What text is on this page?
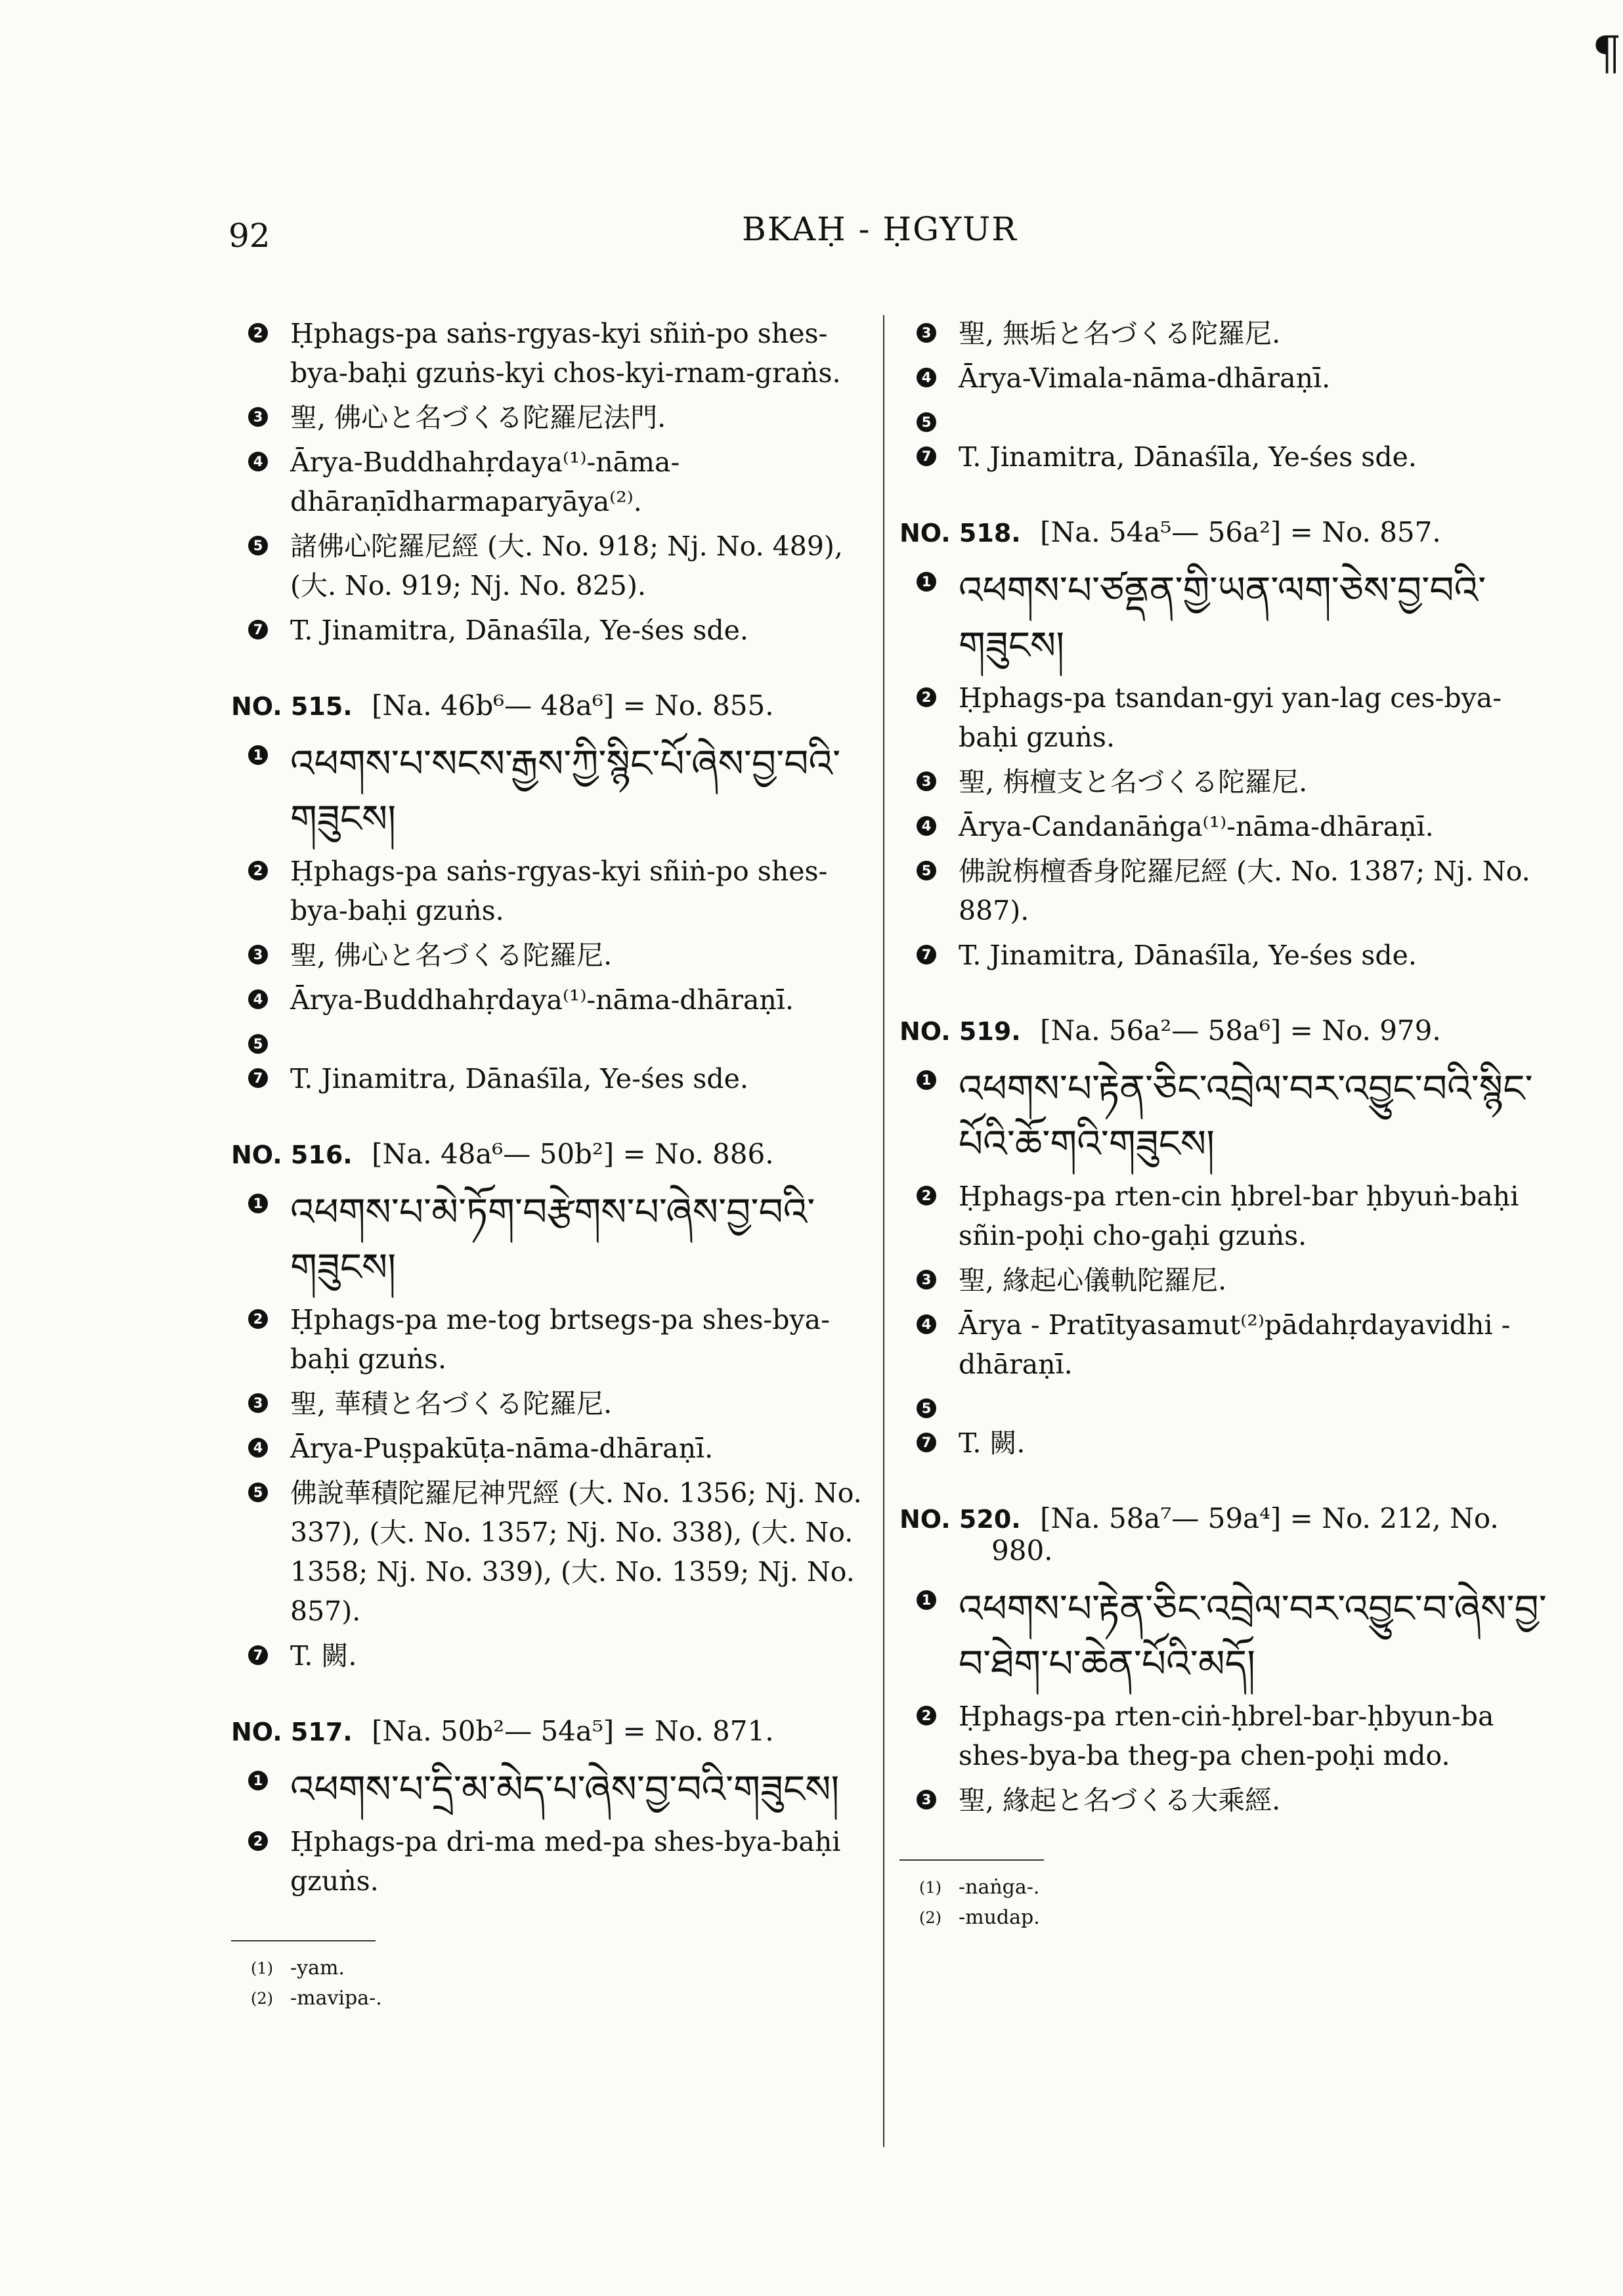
92	BKAḤ - ḤGYUR
¶
2 Ḥphags-pa saṅs-rgyas-kyi sñiṅ-po shes-bya-baḥi gzuṅs-kyi chos-kyi-rnam-graṅs.
3 聖, 佛心と名づくる陀羅尼法門.
4 Ārya-Buddhahṛdaya⁽¹⁾-nāma-dhāraṇīdharmaparyāya⁽²⁾.
5 諸佛心陀羅尼經 (大. No. 918; Nj. No. 489), (大. No. 919; Nj. No. 825).
7 T. Jinamitra, Dānaśīla, Ye-śes sde.
NO. 515. [Na. 46b⁶— 48a⁶] = No. 855.
1 འཕགས་པ་སངས་རྒྱས་ཀྱི་སྙིང་པོ་ཞེས་བྱ་བའི་གཟུངས།
2 Ḥphags-pa saṅs-rgyas-kyi sñiṅ-po shes-bya-baḥi gzuṅs.
3 聖, 佛心と名づくる陀羅尼.
4 Ārya-Buddhahṛdaya⁽¹⁾-nāma-dhāraṇī.
5
7 T. Jinamitra, Dānaśīla, Ye-śes sde.
NO. 516. [Na. 48a⁶— 50b²] = No. 886.
1 འཕགས་པ་མེ་ཏོག་བརྩེགས་པ་ཞེས་བྱ་བའི་གཟུངས།
2 Ḥphags-pa me-tog brtsegs-pa shes-bya-baḥi gzuṅs.
3 聖, 華積と名づくる陀羅尼.
4 Ārya-Puṣpakūṭa-nāma-dhāraṇī.
5 佛說華積陀羅尼神咒經 (大. No. 1356; Nj. No. 337), (大. No. 1357; Nj. No. 338), (大. No. 1358; Nj. No. 339), (大. No. 1359; Nj. No. 857).
7 T. 闕.
NO. 517. [Na. 50b²— 54a⁵] = No. 871.
1 འཕགས་པ་དྲི་མ་མེད་པ་ཞེས་བྱ་བའི་གཟུངས།
2 Ḥphags-pa dri-ma med-pa shes-bya-baḥi gzuṅs.
(1) -yam.
(2) -mavipa-.
3 聖, 無垢と名づくる陀羅尼.
4 Ārya-Vimala-nāma-dhāraṇī.
5
7 T. Jinamitra, Dānaśīla, Ye-śes sde.
NO. 518. [Na. 54a⁵— 56a²] = No. 857.
1 འཕགས་པ་ཙནྡན་གྱི་ཡན་ལག་ཅེས་བྱ་བའི་གཟུངས།
2 Ḥphags-pa tsandan-gyi yan-lag ces-bya-baḥi gzuṅs.
3 聖, 栴檀支と名づくる陀羅尼.
4 Ārya-Candanāṅga⁽¹⁾-nāma-dhāraṇī.
5 佛說栴檀香身陀羅尼經 (大. No. 1387; Nj. No. 887).
7 T. Jinamitra, Dānaśīla, Ye-śes sde.
NO. 519. [Na. 56a²— 58a⁶] = No. 979.
1 འཕགས་པ་རྟེན་ཅིང་འབྲེལ་བར་འབྱུང་བའི་སྙིང་པོའི་ཆོ་གའི་གཟུངས།
2 Ḥphags-pa rten-cin ḥbrel-bar ḥbyuṅ-baḥi sñin-poḥi cho-gaḥi gzuṅs.
3 聖, 緣起心儀軌陀羅尼.
4 Ārya - Pratītyasamut⁽²⁾pādahṛdayavidhi - dhāraṇī.
5
7 T. 闕.
NO. 520. [Na. 58a⁷— 59a⁴] = No. 212, No.
980.
1 འཕགས་པ་རྟེན་ཅིང་འབྲེལ་བར་འབྱུང་བ་ཞེས་བྱ་བ་ཐེག་པ་ཆེན་པོའི་མདོ།
2 Ḥphags-pa rten-ciṅ-ḥbrel-bar-ḥbyun-ba shes-bya-ba theg-pa chen-poḥi mdo.
3 聖, 緣起と名づくる大乘經.
(1) -naṅga-.
(2) -mudap.
